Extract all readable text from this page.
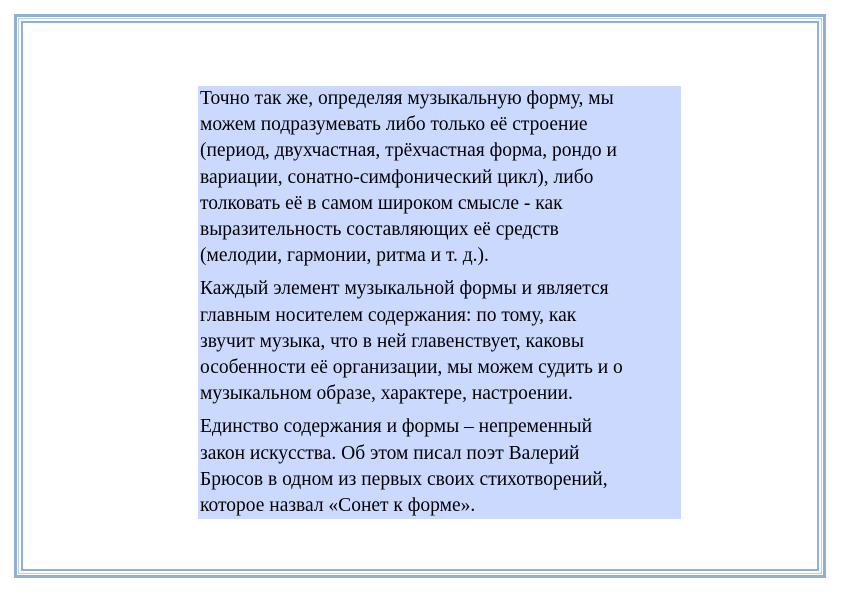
Точно так же, определяя музыкальную форму, мы
можем подразумевать либо только её строение
(период, двухчастная, трёхчастная форма, рондо и
вариации, сонатно-симфонический цикл), либо
толковать её в самом широком смысле - как
выразительность составляющих её средств
(мелодии, гармонии, ритма и т. д.).

Каждый элемент музыкальной формы и является
главным носителем содержания: по тому, как
звучит музыка, что в ней главенствует, каковы
особенности её организации, мы можем судить и о
музыкальном образе, характере, настроении.

Единство содержания и формы – непременный
закон искусства. Об этом писал поэт Валерий
Брюсов в одном из первых своих стихотворений,
которое назвал «Сонет к форме».
